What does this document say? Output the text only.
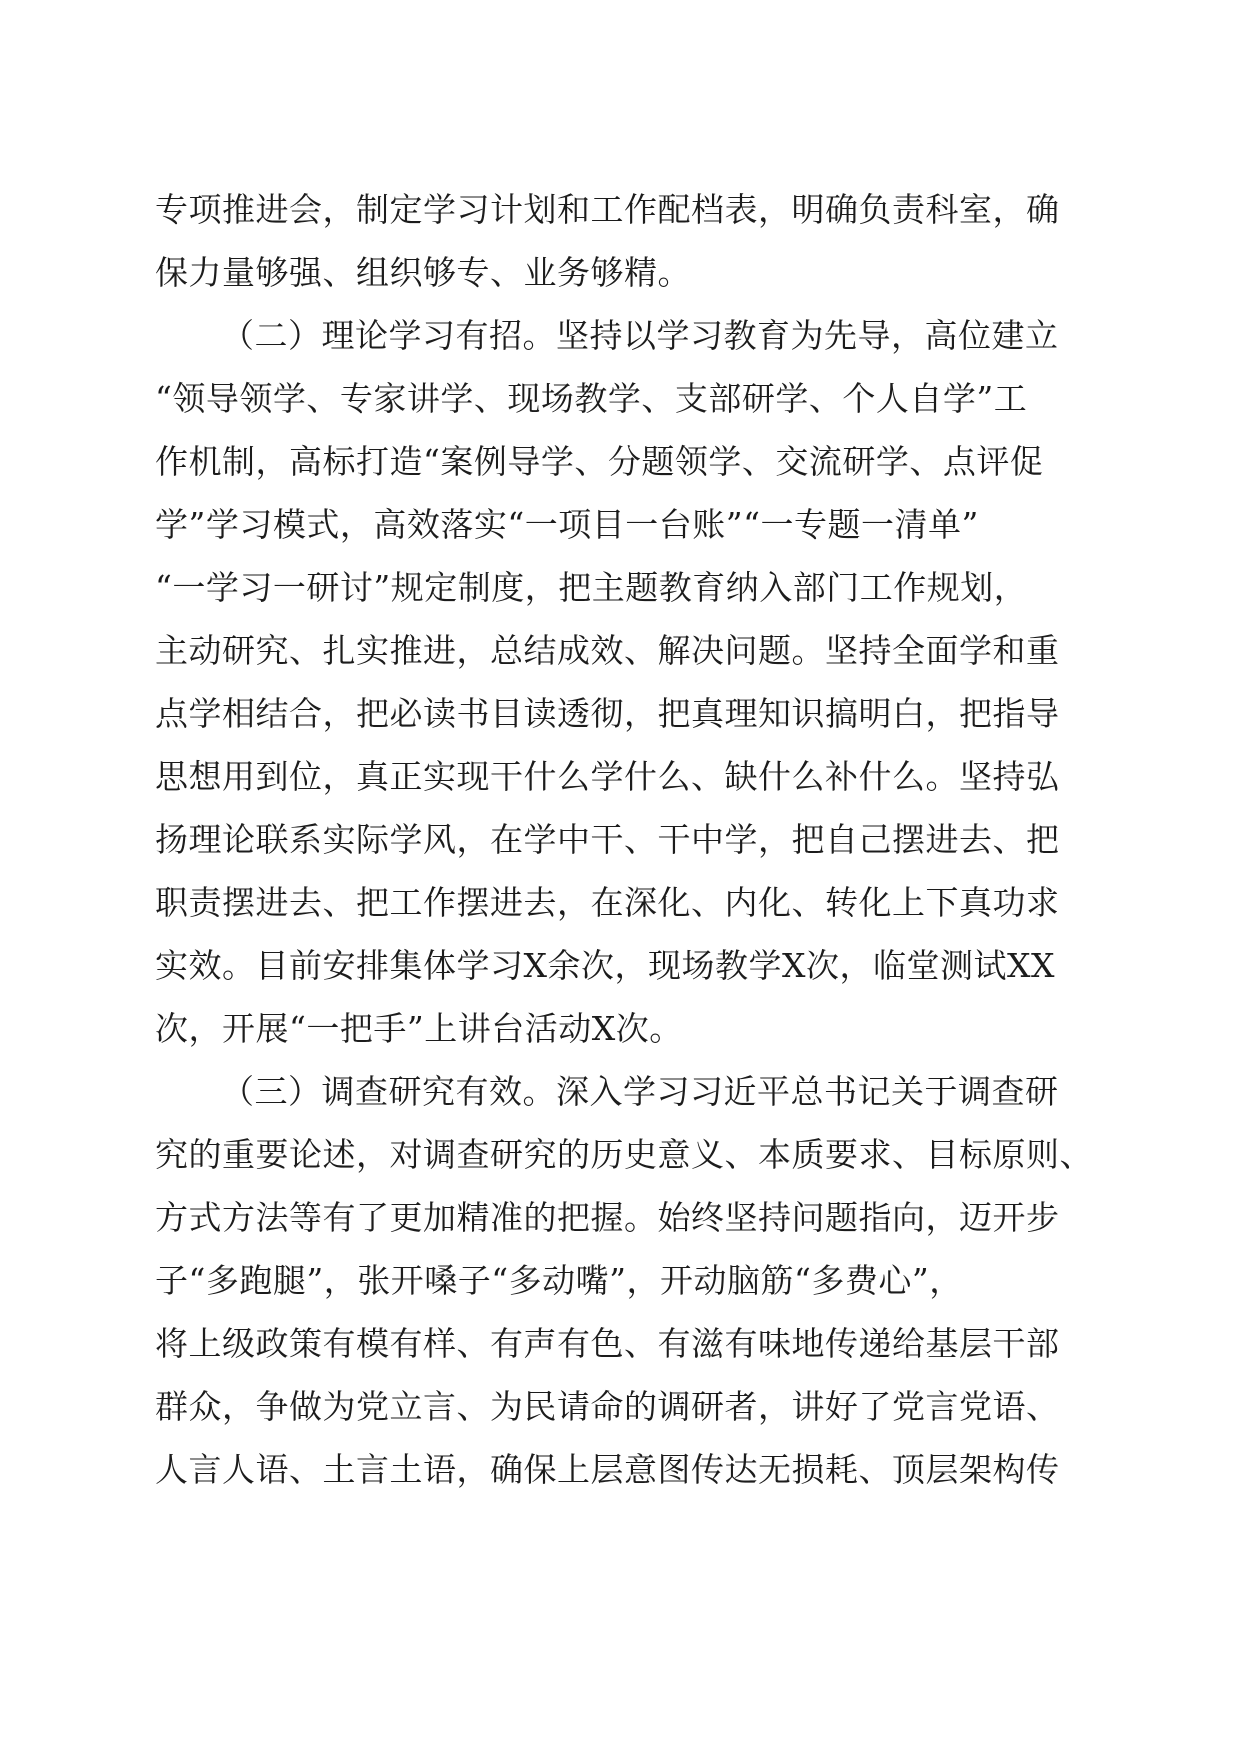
专项推进会，制定学习计划和工作配档表，明确负责科室，确
保力量够强、组织够专、业务够精。
（二）理论学习有招。坚持以学习教育为先导，高位建立
“领导领学、专家讲学、现场教学、支部研学、个人自学”工
作机制，高标打造“案例导学、分题领学、交流研学、点评促
学”学习模式，高效落实“一项目一台账”“一专题一清单”
“一学习一研讨”规定制度，把主题教育纳入部门工作规划，
主动研究、扎实推进，总结成效、解决问题。坚持全面学和重
点学相结合，把必读书目读透彻，把真理知识搞明白，把指导
思想用到位，真正实现干什么学什么、缺什么补什么。坚持弘
扬理论联系实际学风，在学中干、干中学，把自己摆进去、把
职责摆进去、把工作摆进去，在深化、内化、转化上下真功求
实效。目前安排集体学习X余次，现场教学X次，临堂测试XX
次，开展“一把手”上讲台活动X次。
（三）调查研究有效。深入学习习近平总书记关于调查研
究的重要论述，对调查研究的历史意义、本质要求、目标原则、
方式方法等有了更加精准的把握。始终坚持问题指向，迈开步
子“多跑腿”，张开嗓子“多动嘴”，开动脑筋“多费心”，
将上级政策有模有样、有声有色、有滋有味地传递给基层干部
群众，争做为党立言、为民请命的调研者，讲好了党言党语、
人言人语、土言土语，确保上层意图传达无损耗、顶层架构传
